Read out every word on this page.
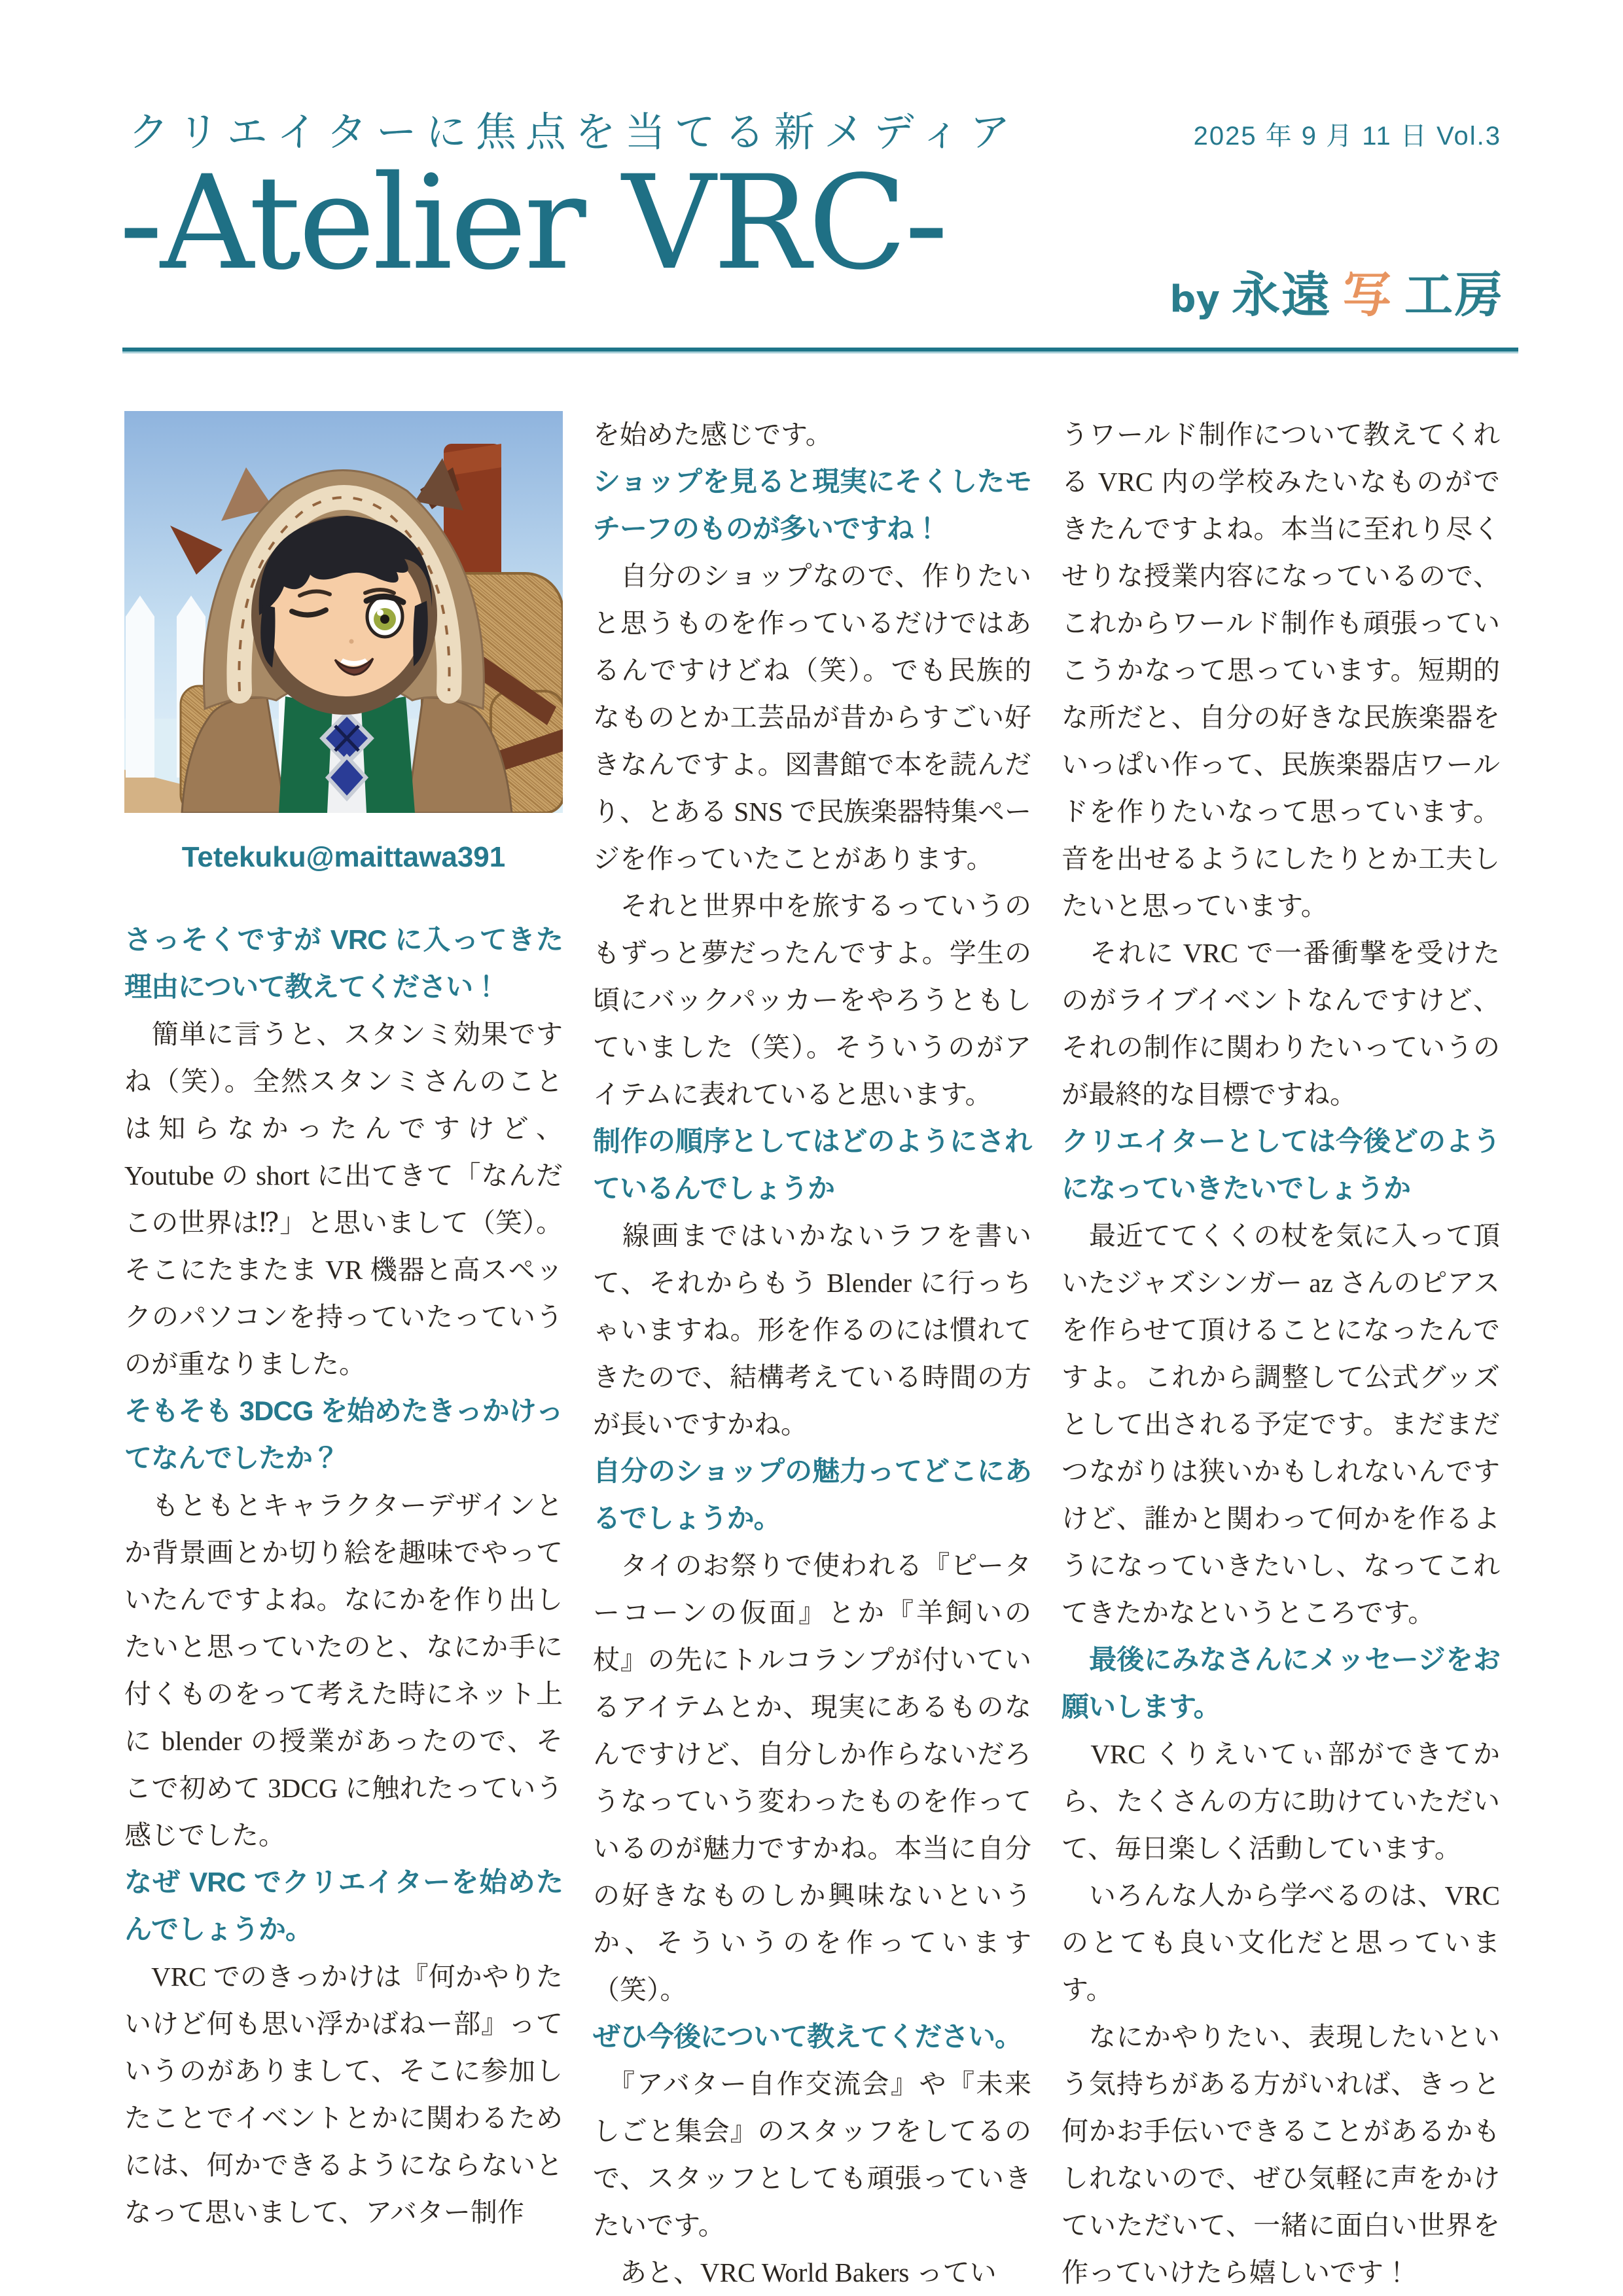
クリエイターに焦点を当てる新メディア	2025 年 9 月 11 日 Vol.3
-Atelier VRC-
by 永遠 写 工房
Tetekuku@maittawa391
さっそくですが VRC に入ってきた理由について教えてください！

　簡単に言うと、スタンミ効果ですね（笑）。全然スタンミさんのことは知らなかったんですけど、Youtube の short に出てきて「なんだこの世界は⁉」と思いまして（笑）。そこにたまたま VR 機器と高スペックのパソコンを持っていたっていうのが重なりました。

そもそも 3DCG を始めたきっかけってなんでしたか？

　もともとキャラクターデザインとか背景画とか切り絵を趣味でやっていたんですよね。なにかを作り出したいと思っていたのと、なにか手に付くものをって考えた時にネット上に blender の授業があったので、そこで初めて 3DCG に触れたっていう感じでした。

なぜ VRC でクリエイターを始めたんでしょうか。

　VRC でのきっかけは『何かやりたいけど何も思い浮かばねー部』っていうのがありまして、そこに参加したことでイベントとかに関わるためには、何かできるようにならないとなって思いまして、アバター制作

を始めた感じです。

ショップを見ると現実にそくしたモチーフのものが多いですね！

　自分のショップなので、作りたいと思うものを作っているだけではあるんですけどね（笑）。でも民族的なものとか工芸品が昔からすごい好きなんですよ。図書館で本を読んだり、とある SNS で民族楽器特集ページを作っていたことがあります。

　それと世界中を旅するっていうのもずっと夢だったんですよ。学生の頃にバックパッカーをやろうともしていました（笑）。そういうのがアイテムに表れていると思います。

制作の順序としてはどのようにされているんでしょうか

　線画まではいかないラフを書いて、それからもう Blender に行っちゃいますね。形を作るのには慣れてきたので、結構考えている時間の方が長いですかね。

自分のショップの魅力ってどこにあるでしょうか。

　タイのお祭りで使われる『ピーターコーンの仮面』とか『羊飼いの杖』の先にトルコランプが付いているアイテムとか、現実にあるものなんですけど、自分しか作らないだろうなっていう変わったものを作っているのが魅力ですかね。本当に自分の好きなものしか興味ないというか、そういうのを作っています（笑）。

ぜひ今後について教えてください。

　『アバター自作交流会』や『未来しごと集会』のスタッフをしてるので、スタッフとしても頑張っていきたいです。

　あと、VRC World Bakers ってい

うワールド制作について教えてくれる VRC 内の学校みたいなものができたんですよね。本当に至れり尽くせりな授業内容になっているので、これからワールド制作も頑張っていこうかなって思っています。短期的な所だと、自分の好きな民族楽器をいっぱい作って、民族楽器店ワールドを作りたいなって思っています。音を出せるようにしたりとか工夫したいと思っています。

　それに VRC で一番衝撃を受けたのがライブイベントなんですけど、それの制作に関わりたいっていうのが最終的な目標ですね。

クリエイターとしては今後どのようになっていきたいでしょうか

　最近ててくくの杖を気に入って頂いたジャズシンガー az さんのピアスを作らせて頂けることになったんですよ。これから調整して公式グッズとして出される予定です。まだまだつながりは狭いかもしれないんですけど、誰かと関わって何かを作るようになっていきたいし、なってこれてきたかなというところです。

　最後にみなさんにメッセージをお願いします。

　VRC くりえいてぃ部ができてから、たくさんの方に助けていただいて、毎日楽しく活動しています。

　いろんな人から学べるのは、VRC のとても良い文化だと思っています。

　なにかやりたい、表現したいという気持ちがある方がいれば、きっと何かお手伝いできることがあるかもしれないので、ぜひ気軽に声をかけていただいて、一緒に面白い世界を作っていけたら嬉しいです！
